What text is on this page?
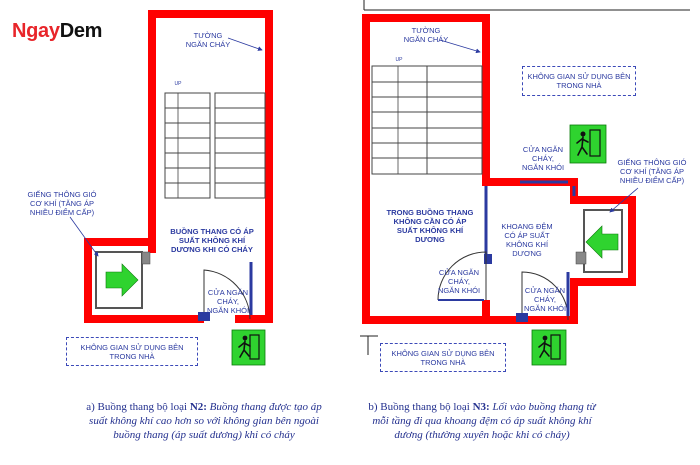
NgayDem	TƯỜNG
NGĂN CHÁY
UP
GIẾNG THÔNG GIÓ
CƠ KHÍ (TĂNG ÁP
NHIỀU ĐIỂM CẤP)
BUỒNG THANG CÓ ÁP
SUẤT KHÔNG KHÍ
DƯƠNG KHI CÓ CHÁY
CỬA NGĂN
CHÁY,
NGĂN KHÓI
KHÔNG GIAN SỬ DỤNG BÊN
TRONG NHÀ
TƯỜNG
NGĂN CHÁY
UP
KHÔNG GIAN SỬ DỤNG BÊN
TRONG NHÀ
CỬA NGĂN
CHÁY,
NGĂN KHÓI
GIẾNG THÔNG GIÓ
CƠ KHÍ (TĂNG ÁP
NHIỀU ĐIỂM CẤP)
TRONG BUỒNG THANG
KHÔNG CẦN CÓ ÁP
SUẤT KHÔNG KHÍ
DƯƠNG
KHOANG ĐỆM
CÓ ÁP SUẤT
KHÔNG KHÍ
DƯƠNG
CỬA NGĂN
CHÁY,
NGĂN KHÓI	CỬA NGĂN
CHÁY,
NGĂN KHÓI
KHÔNG GIAN SỬ DỤNG BÊN
TRONG NHÀ
a) Buồng thang bộ loại N2: Buồng thang được tạo áp suất không khí cao hơn so với không gian bên ngoài buồng thang (áp suất dương) khi có cháy
b) Buồng thang bộ loại N3: Lối vào buồng thang từ mỗi tầng đi qua khoang đệm có áp suất không khí dương (thường xuyên hoặc khi có cháy)
